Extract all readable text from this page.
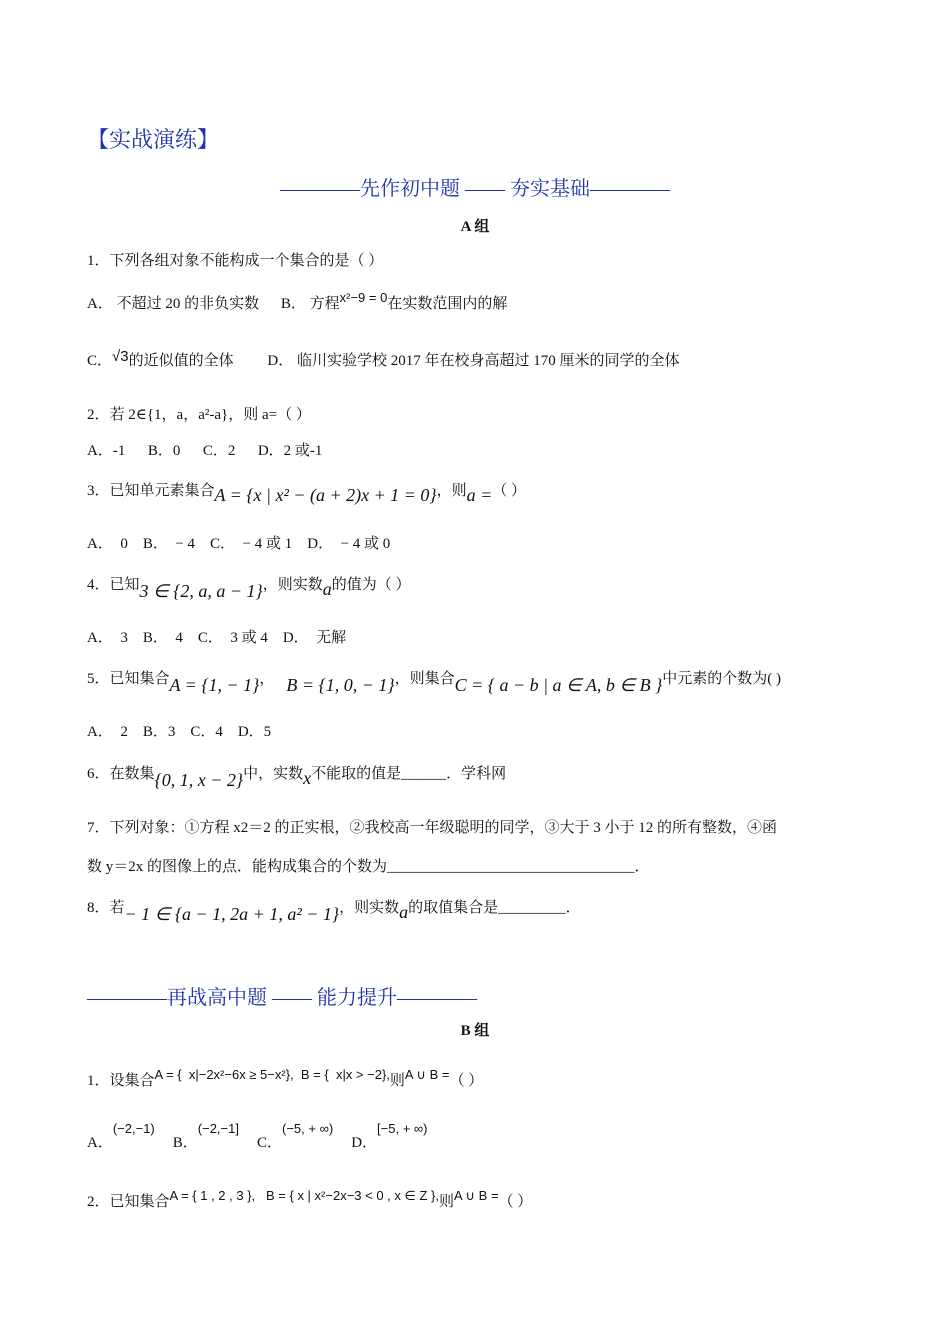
【实战演练】
————先作初中题 —— 夯实基础————
A 组
1．下列各组对象不能构成一个集合的是（ ）
A． 不超过 20 的非负实数 B． 方程x²−9 = 0在实数范围内的解
C．√3的近似值的全体 D． 临川实验学校 2017 年在校身高超过 170 厘米的同学的全体
2．若 2∈{1，a，a²-a}，则 a=（ ）
A．-1      B．0      C．2      D．2 或-1
3．已知单元素集合A = {x | x² − (a + 2)x + 1 = 0}，则a =（ ）
A．  0    B．  − 4    C．  − 4 或 1    D．  − 4 或 0
4．已知3 ∈ {2, a, a − 1}，则实数a的值为（ ）
A．  3    B．  4    C．  3 或 4    D．  无解
5．已知集合A = {1, − 1}， B = {1, 0, − 1}，则集合C = { a − b | a ∈ A, b ∈ B }中元素的个数为( )
A．  2    B．3    C．4    D．5
6．在数集{0, 1, x − 2}中，实数x不能取的值是______．学科网
7．下列对象：①方程 x2＝2 的正实根，②我校高一年级聪明的同学，③大于 3 小于 12 的所有整数，④函
数 y＝2x 的图像上的点．能构成集合的个数为_________________________________．
8．若− 1 ∈ {a − 1, 2a + 1, a² − 1}，则实数a的取值集合是_________．
————再战高中题 —— 能力提升————
B 组
1．设集合A = {  x|−2x²−6x ≥ 5−x²},  B = {  x|x > −2},则A ∪ B =（ ）
A．(−2,−1)B．(−2,−1]C．(−5, + ∞)D．[−5, + ∞)
2．已知集合A = { 1 , 2 , 3 },   B = { x | x²−2x−3 < 0 , x ∈ Z },则A ∪ B =（ ）
